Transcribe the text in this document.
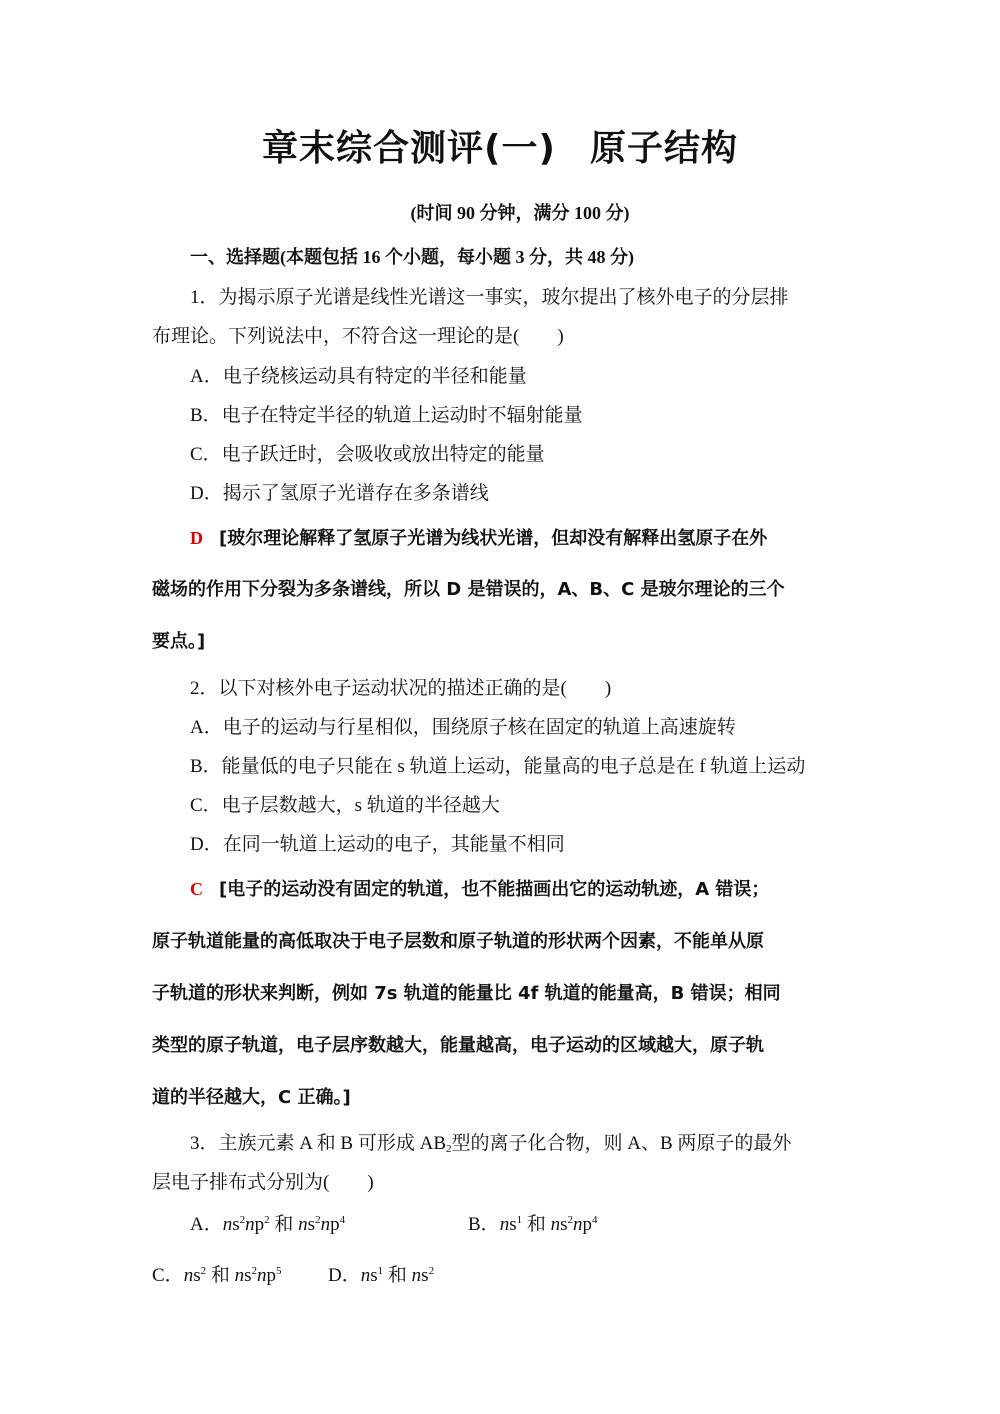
章末综合测评(一) 原子结构
(时间 90 分钟，满分 100 分)
一、选择题(本题包括 16 个小题，每小题 3 分，共 48 分)
1．为揭示原子光谱是线性光谱这一事实，玻尔提出了核外电子的分层排
布理论。下列说法中，不符合这一理论的是(　　)
A．电子绕核运动具有特定的半径和能量
B．电子在特定半径的轨道上运动时不辐射能量
C．电子跃迁时，会吸收或放出特定的能量
D．揭示了氢原子光谱存在多条谱线
D [玻尔理论解释了氢原子光谱为线状光谱，但却没有解释出氢原子在外
磁场的作用下分裂为多条谱线，所以 D 是错误的，A、B、C 是玻尔理论的三个
要点。]
2．以下对核外电子运动状况的描述正确的是(　　)
A．电子的运动与行星相似，围绕原子核在固定的轨道上高速旋转
B．能量低的电子只能在 s 轨道上运动，能量高的电子总是在 f 轨道上运动
C．电子层数越大，s 轨道的半径越大
D．在同一轨道上运动的电子，其能量不相同
C [电子的运动没有固定的轨道，也不能描画出它的运动轨迹，A 错误；
原子轨道能量的高低取决于电子层数和原子轨道的形状两个因素，不能单从原
子轨道的形状来判断，例如 7s 轨道的能量比 4f 轨道的能量高，B 错误；相同
类型的原子轨道，电子层序数越大，能量越高，电子运动的区域越大，原子轨
道的半径越大，C 正确。]
3．主族元素 A 和 B 可形成 $AB_2$型的离子化合物，则 A、B 两原子的最外
层电子排布式分别为(　　)
A．$ns^2np^2$ 和 $ns^2np^4$	B．$ns^1$ 和 $ns^2np^4$
C．$ns^2$ 和 $ns^2np^5$ D．$ns^1$ 和 $ns^2$
